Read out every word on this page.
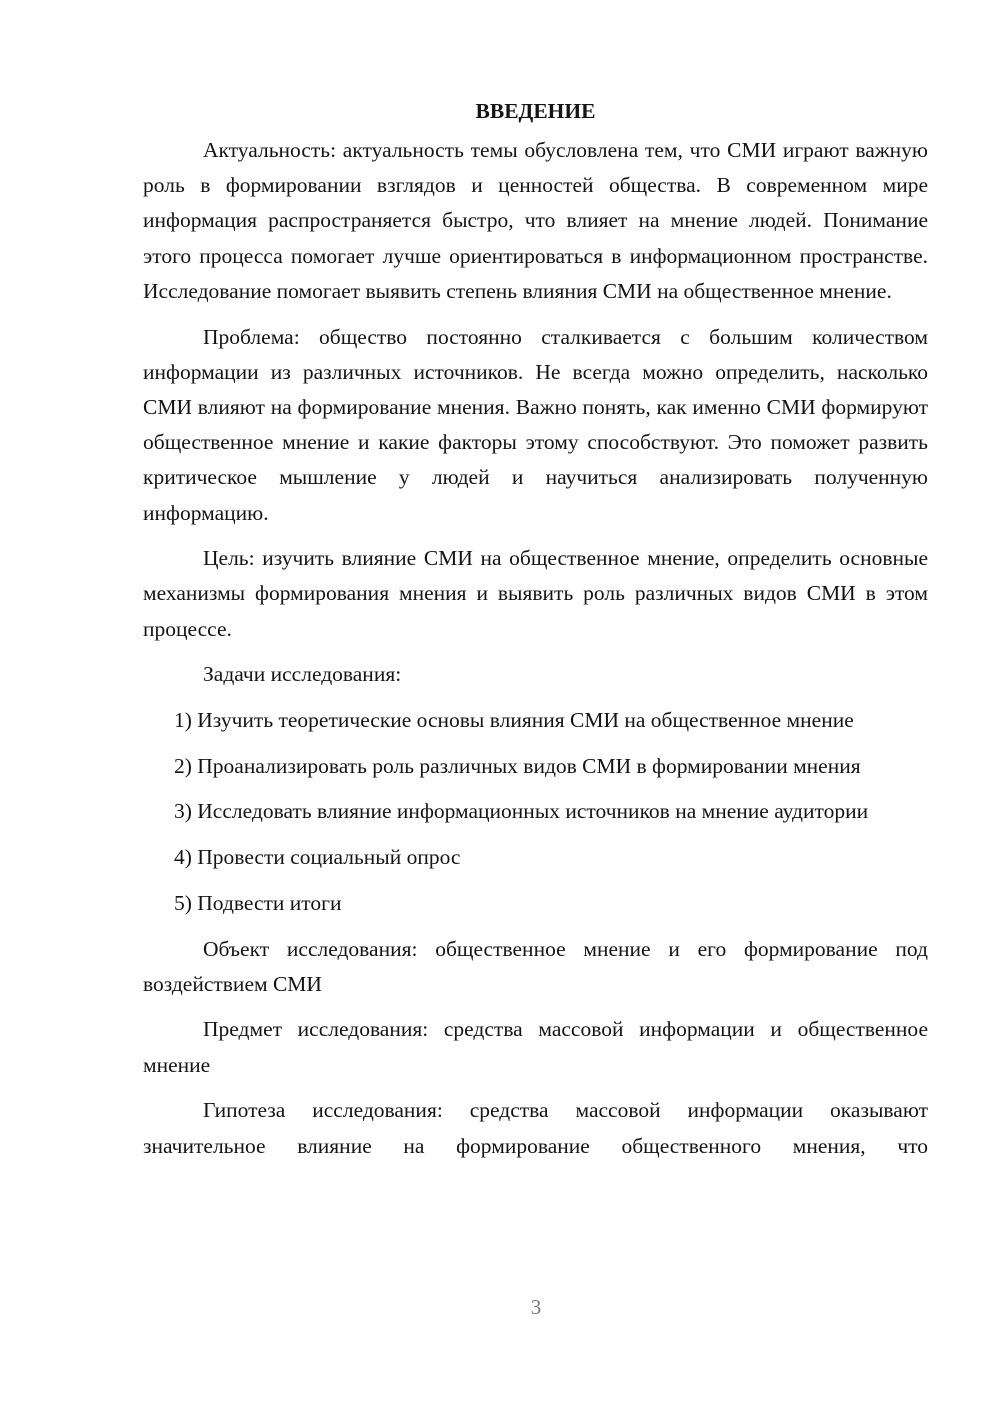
ВВЕДЕНИЕ

Актуальность: актуальность темы обусловлена тем, что СМИ играют важную роль в формировании взглядов и ценностей общества. В современном мире информация распространяется быстро, что влияет на мнение людей. Понимание этого процесса помогает лучше ориентироваться в информационном пространстве. Исследование помогает выявить степень влияния СМИ на общественное мнение.

Проблема: общество постоянно сталкивается с большим количеством информации из различных источников. Не всегда можно определить, насколько СМИ влияют на формирование мнения. Важно понять, как именно СМИ формируют общественное мнение и какие факторы этому способствуют. Это поможет развить критическое мышление у людей и научиться анализировать полученную информацию.

Цель: изучить влияние СМИ на общественное мнение, определить основные механизмы формирования мнения и выявить роль различных видов СМИ в этом процессе.

Задачи исследования:

1) Изучить теоретические основы влияния СМИ на общественное мнение

2) Проанализировать роль различных видов СМИ в формировании мнения

3) Исследовать влияние информационных источников на мнение аудитории

4) Провести социальный опрос

5) Подвести итоги

Объект исследования: общественное мнение и его формирование под воздействием СМИ

Предмет исследования: средства массовой информации и общественное мнение

Гипотеза исследования: средства массовой информации оказывают значительное влияние на формирование общественного мнения, что

3
